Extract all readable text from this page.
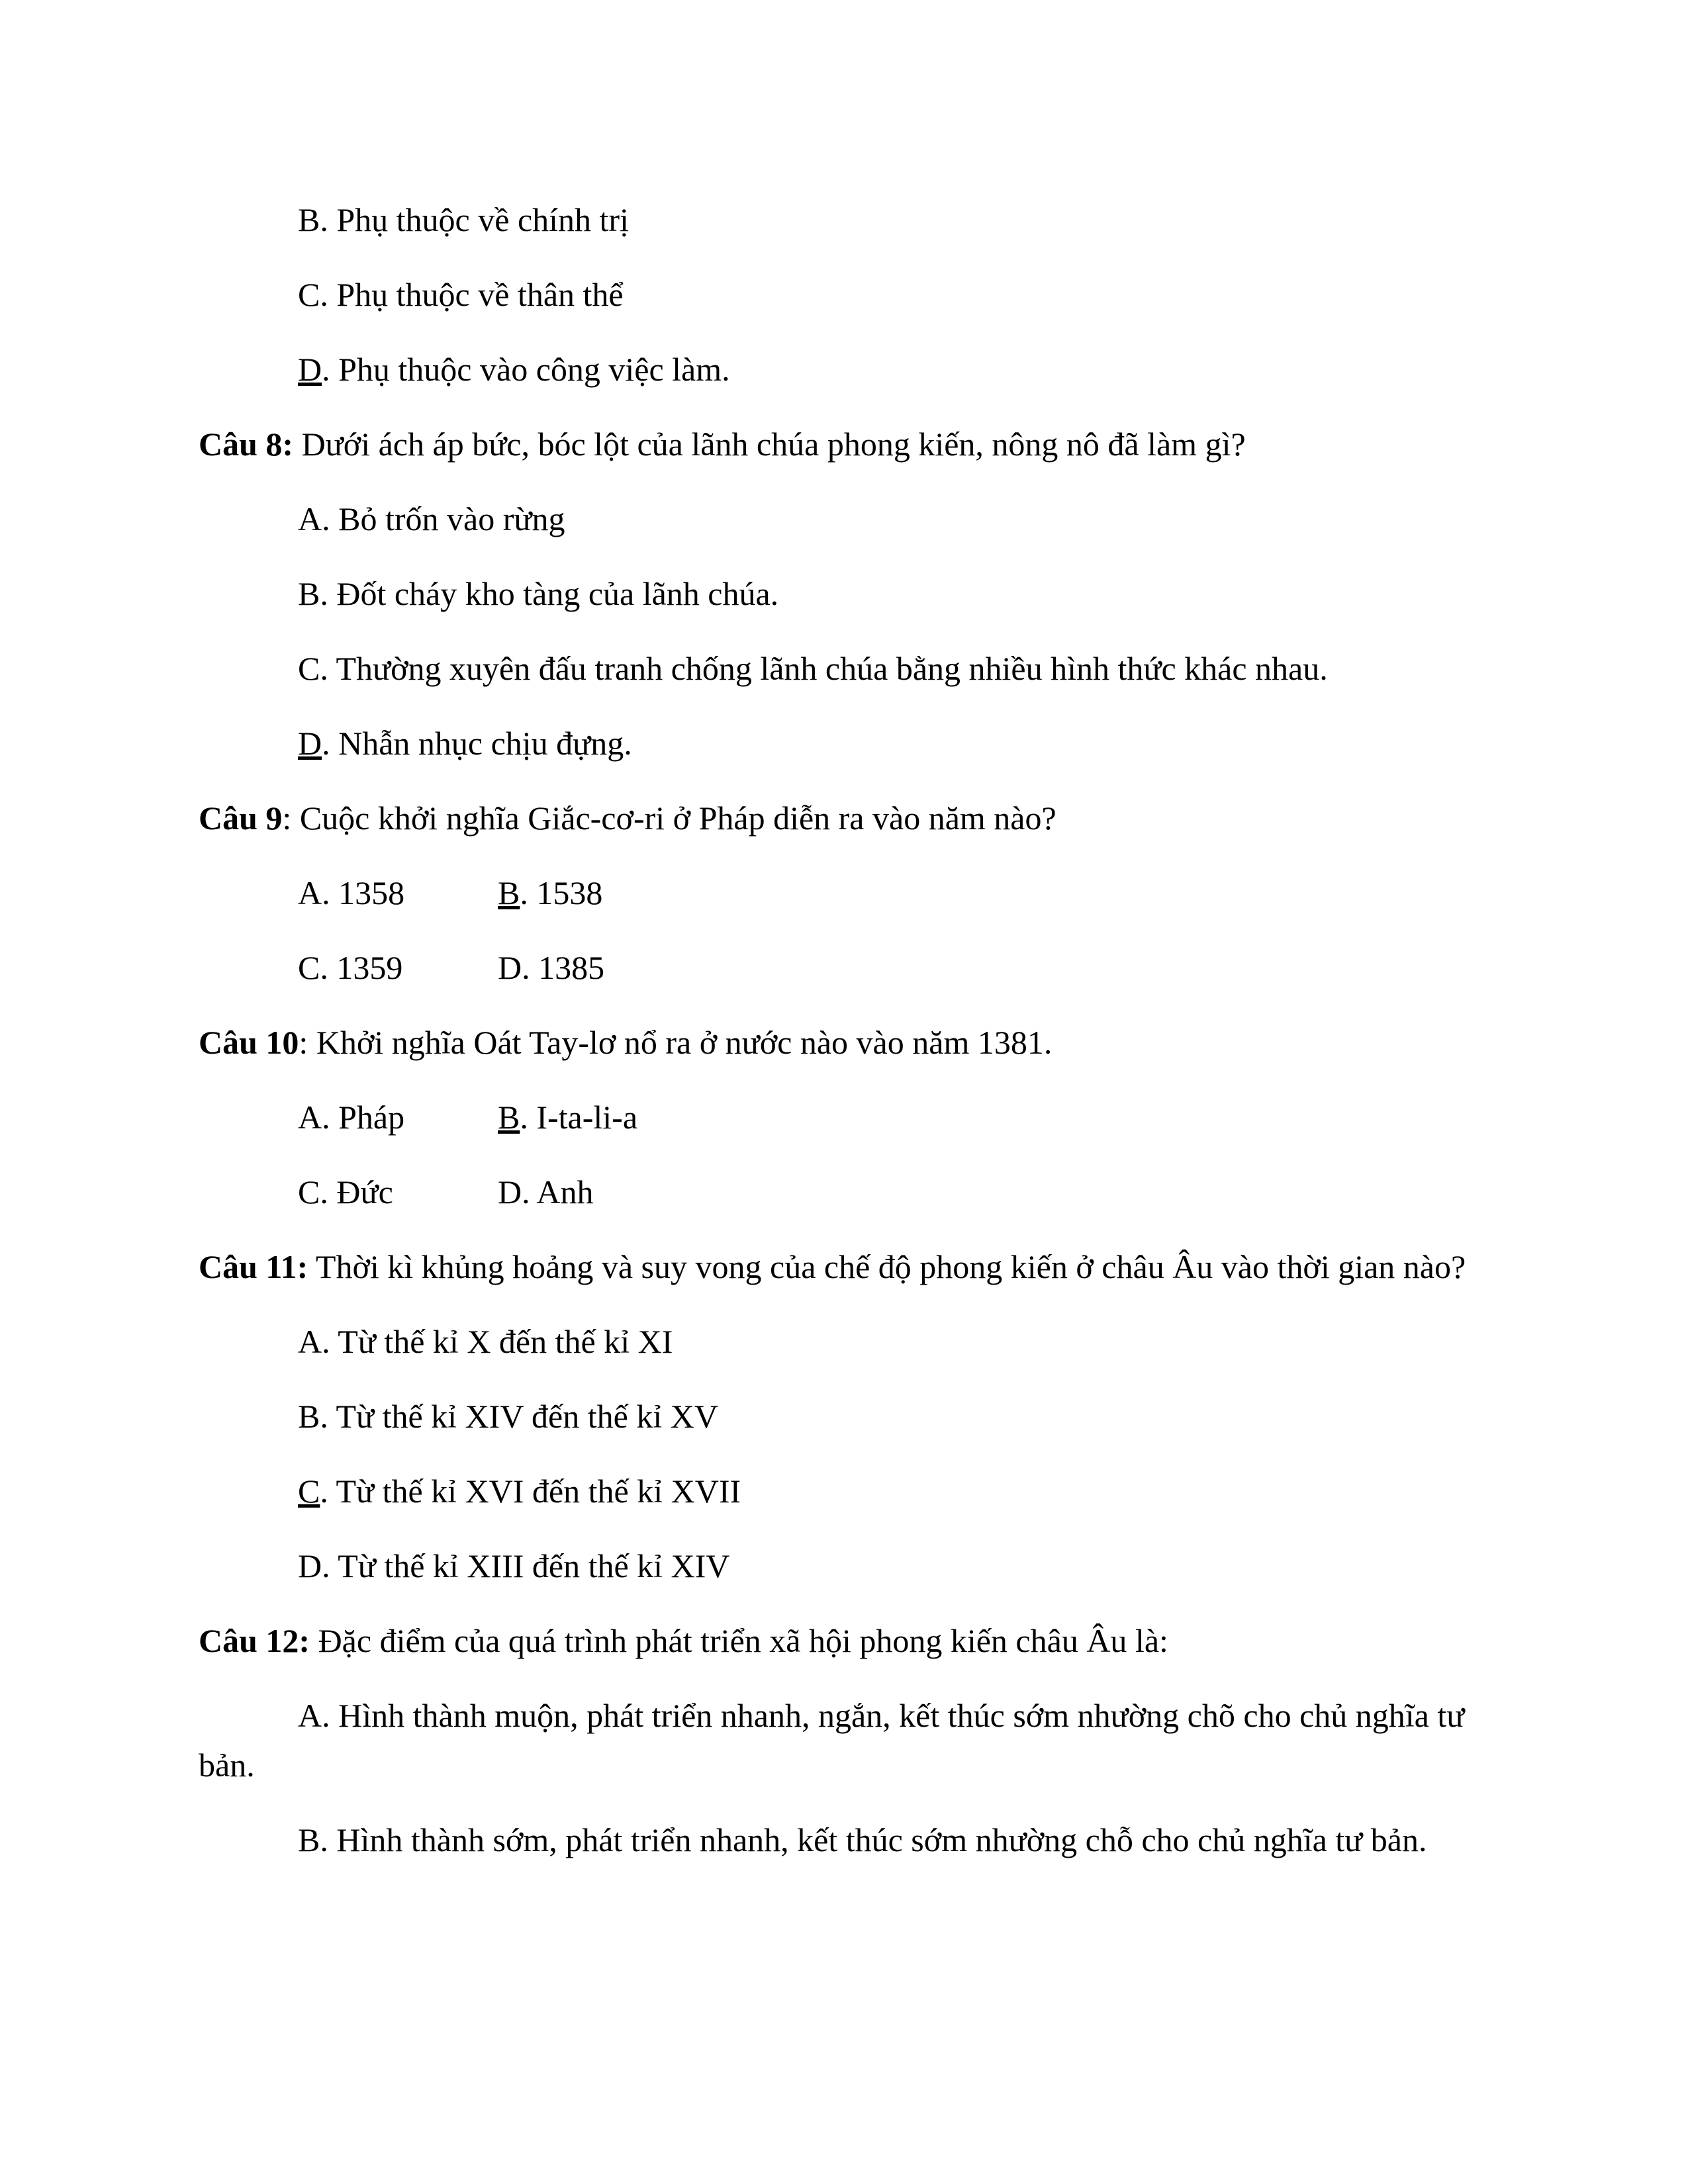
B. Phụ thuộc về chính trị

C. Phụ thuộc về thân thể

D. Phụ thuộc vào công việc làm.

Câu 8: Dưới ách áp bức, bóc lột của lãnh chúa phong kiến, nông nô đã làm gì?

A. Bỏ trốn vào rừng

B. Đốt cháy kho tàng của lãnh chúa.

C. Thường xuyên đấu tranh chống lãnh chúa bằng nhiều hình thức khác nhau.

D. Nhẫn nhục chịu đựng.

Câu 9: Cuộc khởi nghĩa Giắc-cơ-ri ở Pháp diễn ra vào năm nào?

A. 1358	B. 1538

C. 1359	D. 1385

Câu 10: Khởi nghĩa Oát Tay-lơ nổ ra ở nước nào vào năm 1381.

A. Pháp	B. I-ta-li-a

C. Đức	D. Anh

Câu 11: Thời kì khủng hoảng và suy vong của chế độ phong kiến ở châu Âu vào thời gian nào?

A. Từ thế kỉ X đến thế kỉ XI

B. Từ thế kỉ XIV đến thế kỉ XV

C. Từ thế kỉ XVI đến thế kỉ XVII

D. Từ thế kỉ XIII đến thế kỉ XIV

Câu 12: Đặc điểm của quá trình phát triển xã hội phong kiến châu Âu là:

A. Hình thành muộn, phát triển nhanh, ngắn, kết thúc sớm nhường chõ cho chủ nghĩa tư bản.

B. Hình thành sớm, phát triển nhanh, kết thúc sớm nhường chỗ cho chủ nghĩa tư bản.
